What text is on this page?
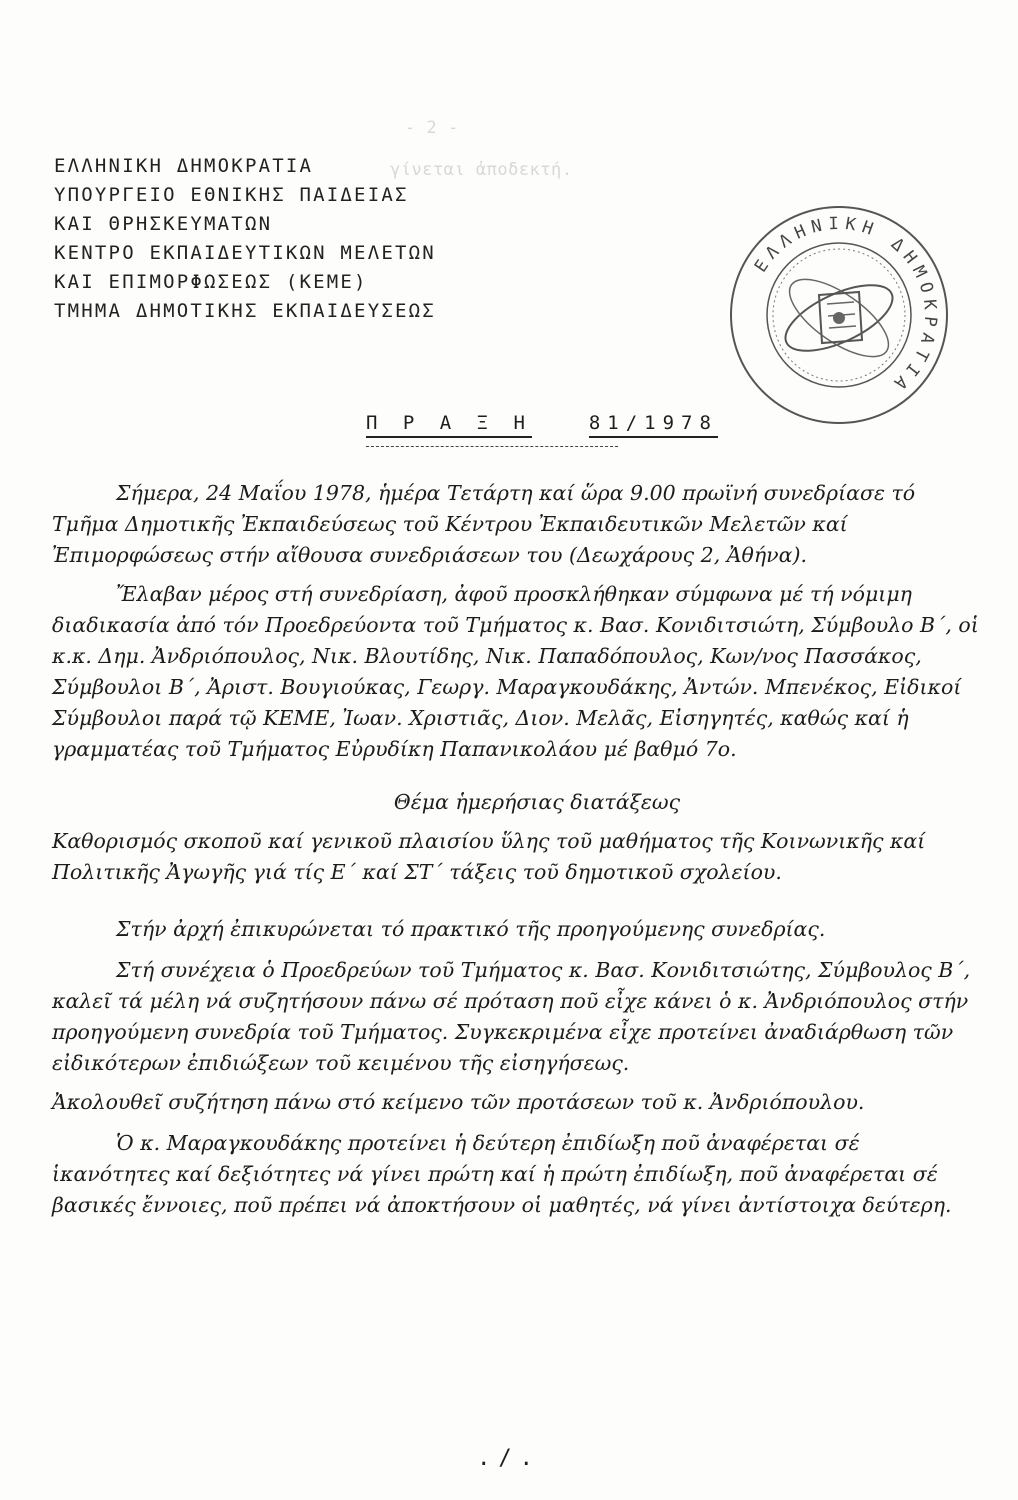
- 2 -
γίνεται ἀποδεκτή.
ΕΛΛΗΝΙΚΗ ΔΗΜΟΚΡΑΤΙΑ
ΥΠΟΥΡΓΕΙΟ ΕΘΝΙΚΗΣ ΠΑΙΔΕΙΑΣ
ΚΑΙ ΘΡΗΣΚΕΥΜΑΤΩΝ
ΚΕΝΤΡΟ ΕΚΠΑΙΔΕΥΤΙΚΩΝ ΜΕΛΕΤΩΝ
ΚΑΙ ΕΠΙΜΟΡΦΩΣΕΩΣ (ΚΕΜΕ)
ΤΜΗΜΑ ΔΗΜΟΤΙΚΗΣ ΕΚΠΑΙΔΕΥΣΕΩΣ
ΕΛΛΗΝΙΚΗ ΔΗΜΟΚΡΑΤΙΑ
Π Ρ Α Ξ Η	81/1978

Σήμερα, 24 Μαΐου 1978, ἡμέρα Τετάρτη καί ὥρα 9.00 πρωϊνή συνεδρίασε τό Τμῆμα Δημοτικῆς Ἐκπαιδεύσεως τοῦ Κέντρου Ἐκπαιδευτικῶν Μελετῶν καί Ἐπιμορφώσεως στήν αἴθουσα συνεδριάσεων του (Δεωχάρους 2, Ἀθήνα).

Ἔλαβαν μέρος στή συνεδρίαση, ἀφοῦ προσκλήθηκαν σύμφωνα μέ τή νόμιμη διαδικασία ἀπό τόν Προεδρεύοντα τοῦ Τμήματος κ. Βασ. Κονιδιτσιώτη, Σύμβουλο Β΄, οἱ κ.κ. Δημ. Ἀνδριόπουλος, Νικ. Βλουτίδης, Νικ. Παπαδόπουλος, Κων/νος Πασσάκος, Σύμβουλοι Β΄, Ἀριστ. Βουγιούκας, Γεωργ. Μαραγκουδάκης, Ἀντών. Μπενέκος, Εἰδικοί Σύμβουλοι παρά τῷ ΚΕΜΕ, Ἰωαν. Χριστιᾶς, Διον. Μελᾶς, Εἰσηγητές, καθώς καί ἡ γραμματέας τοῦ Τμήματος Εὐρυδίκη Παπανικολάου μέ βαθμό 7ο.

Θέμα ἡμερήσιας διατάξεως

Καθορισμός σκοποῦ καί γενικοῦ πλαισίου ὕλης τοῦ μαθήματος τῆς Κοινωνικῆς καί Πολιτικῆς Ἀγωγῆς γιά τίς Ε΄ καί ΣΤ΄ τάξεις τοῦ δημοτικοῦ σχολείου.

Στήν ἀρχή ἐπικυρώνεται τό πρακτικό τῆς προηγούμενης συνεδρίας.

Στή συνέχεια ὁ Προεδρεύων τοῦ Τμήματος κ. Βασ. Κονιδιτσιώτης, Σύμβουλος Β΄, καλεῖ τά μέλη νά συζητήσουν πάνω σέ πρόταση ποῦ εἶχε κάνει ὁ κ. Ἀνδριόπουλος στήν προηγούμενη συνεδρία τοῦ Τμήματος. Συγκεκριμένα εἶχε προτείνει ἀναδιάρθωση τῶν εἰδικότερων ἐπιδιώξεων τοῦ κειμένου τῆς εἰσηγήσεως.

Ἀκολουθεῖ συζήτηση πάνω στό κείμενο τῶν προτάσεων τοῦ κ. Ἀνδριόπουλου.

Ὁ κ. Μαραγκουδάκης προτείνει ἡ δεύτερη ἐπιδίωξη ποῦ ἀναφέρεται σέ ἱκανότητες καί δεξιότητες νά γίνει πρώτη καί ἡ πρώτη ἐπιδίωξη, ποῦ ἀναφέρεται σέ βασικές ἔννοιες, ποῦ πρέπει νά ἀποκτήσουν οἱ μαθητές, νά γίνει ἀντίστοιχα δεύτερη.

./.
